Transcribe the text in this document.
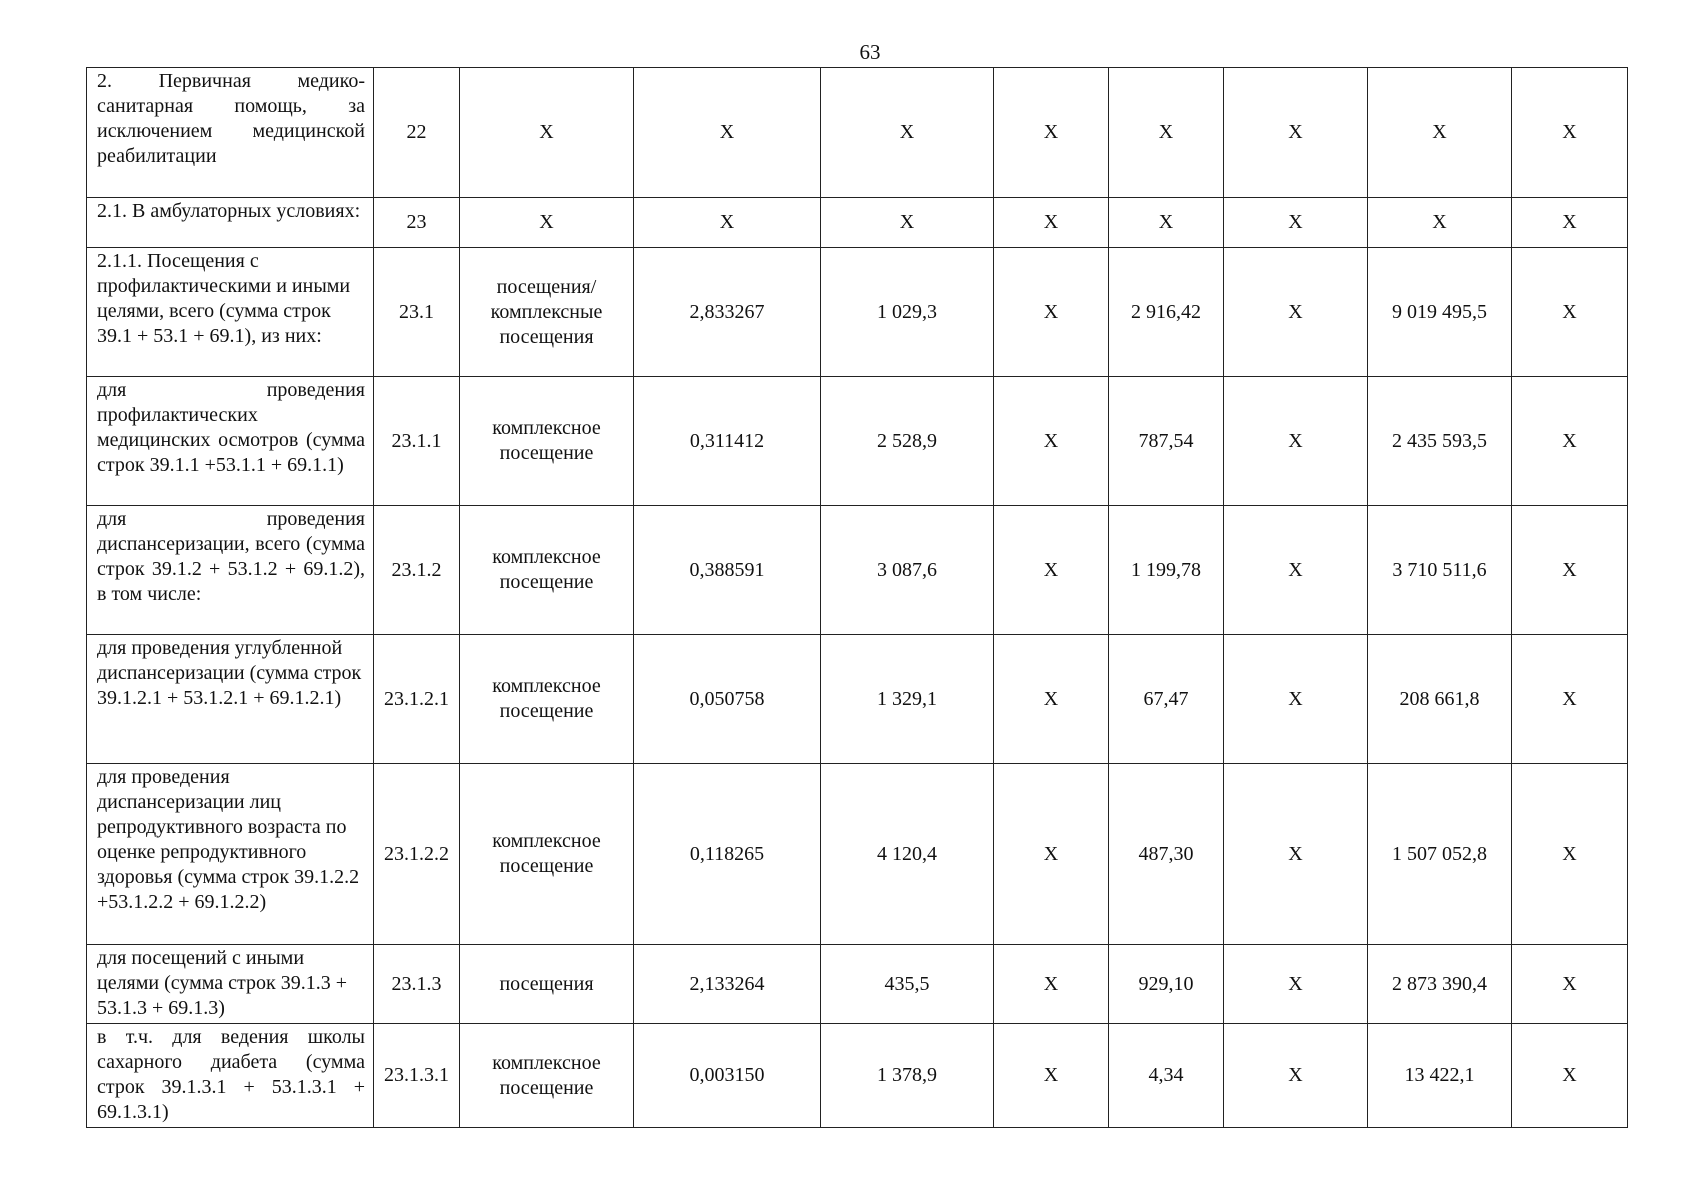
63
2. Первичная медико-санитарная помощь, за исключением медицинской реабилитации	22	Х	Х	Х	Х	Х	Х	Х	Х
2.1. В амбулаторных условиях:	23	Х	Х	Х	Х	Х	Х	Х	Х
2.1.1. Посещения с профилактическими и иными целями, всего (сумма строк 39.1 + 53.1 + 69.1), из них:	23.1	посещения/ комплексные посещения	2,833267	1 029,3	Х	2 916,42	Х	9 019 495,5	Х
для проведения профилактических медицинских осмотров (сумма строк 39.1.1 +53.1.1 + 69.1.1)	23.1.1	комплексное посещение	0,311412	2 528,9	Х	787,54	Х	2 435 593,5	Х
для проведения диспансеризации, всего (сумма строк 39.1.2 + 53.1.2 + 69.1.2), в том числе:	23.1.2	комплексное посещение	0,388591	3 087,6	Х	1 199,78	Х	3 710 511,6	Х
для проведения углубленной диспансеризации (сумма строк 39.1.2.1 + 53.1.2.1 + 69.1.2.1)	23.1.2.1	комплексное посещение	0,050758	1 329,1	Х	67,47	Х	208 661,8	Х
для проведения диспансеризации лиц репродуктивного возраста по оценке репродуктивного здоровья (сумма строк 39.1.2.2 +53.1.2.2 + 69.1.2.2)	23.1.2.2	комплексное посещение	0,118265	4 120,4	Х	487,30	Х	1 507 052,8	Х
для посещений с иными целями (сумма строк 39.1.3 + 53.1.3 + 69.1.3)	23.1.3	посещения	2,133264	435,5	Х	929,10	Х	2 873 390,4	Х
в т.ч. для ведения школы сахарного диабета (сумма строк 39.1.3.1 + 53.1.3.1 + 69.1.3.1)	23.1.3.1	комплексное посещение	0,003150	1 378,9	Х	4,34	Х	13 422,1	Х
